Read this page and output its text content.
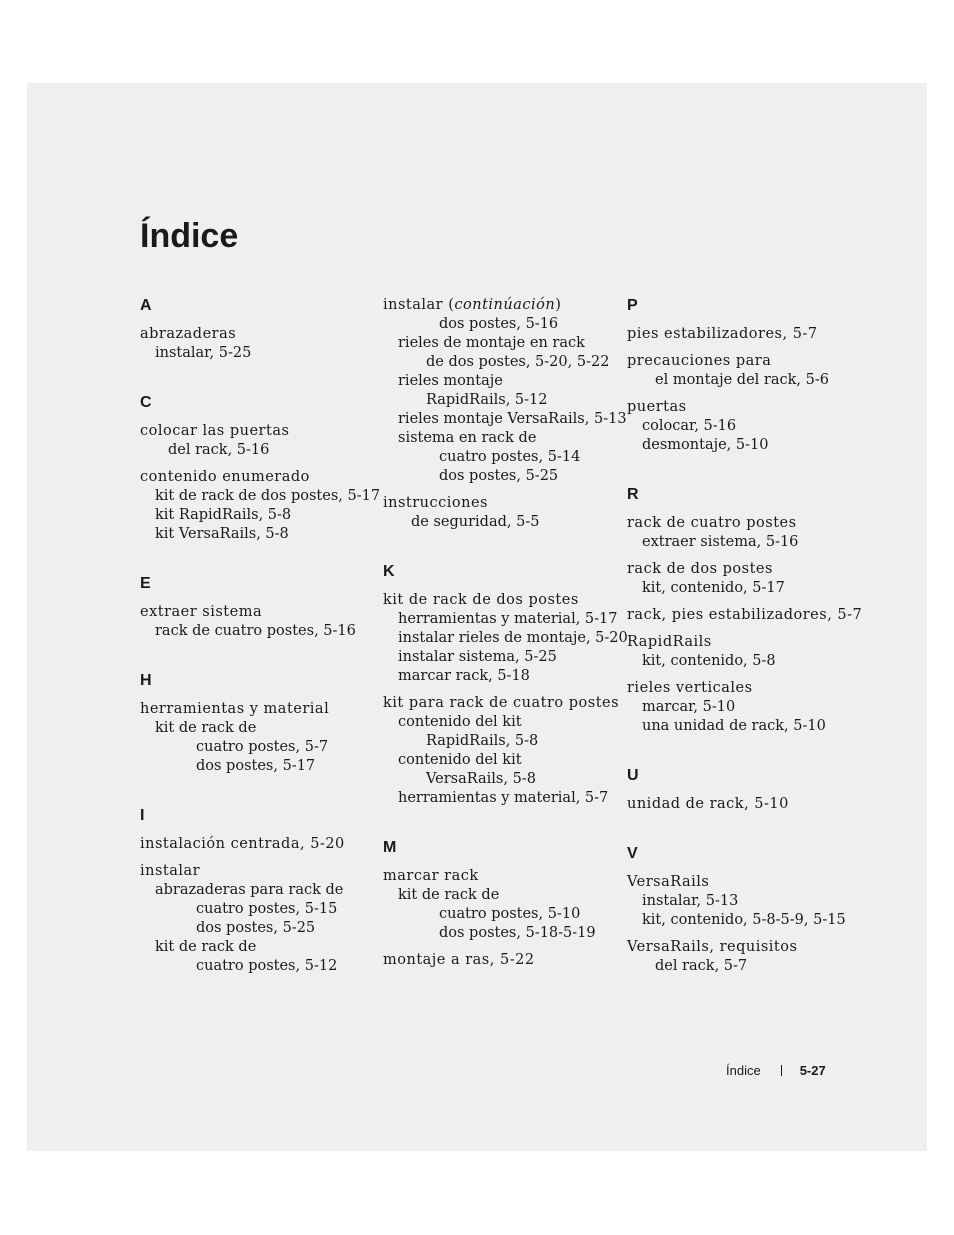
Índice
A
abrazaderas
instalar, 5-25
C
colocar las puertas
del rack, 5-16
contenido enumerado
kit de rack de dos postes, 5-17
kit RapidRails, 5-8
kit VersaRails, 5-8
E
extraer sistema
rack de cuatro postes, 5-16
H
herramientas y material
kit de rack de
cuatro postes, 5-7
dos postes, 5-17
I
instalación centrada, 5-20
instalar
abrazaderas para rack de
cuatro postes, 5-15
dos postes, 5-25
kit de rack de
cuatro postes, 5-12
instalar (continúación)
dos postes, 5-16
rieles de montaje en rack
de dos postes, 5-20, 5-22
rieles montaje
RapidRails, 5-12
rieles montaje VersaRails, 5-13
sistema en rack de
cuatro postes, 5-14
dos postes, 5-25
instrucciones
de seguridad, 5-5
K
kit de rack de dos postes
herramientas y material, 5-17
instalar rieles de montaje, 5-20
instalar sistema, 5-25
marcar rack, 5-18
kit para rack de cuatro postes
contenido del kit
RapidRails, 5-8
contenido del kit
VersaRails, 5-8
herramientas y material, 5-7
M
marcar rack
kit de rack de
cuatro postes, 5-10
dos postes, 5-18-5-19
montaje a ras, 5-22
P
pies estabilizadores, 5-7
precauciones para
el montaje del rack, 5-6
puertas
colocar, 5-16
desmontaje, 5-10
R
rack de cuatro postes
extraer sistema, 5-16
rack de dos postes
kit, contenido, 5-17
rack, pies estabilizadores, 5-7
RapidRails
kit, contenido, 5-8
rieles verticales
marcar, 5-10
una unidad de rack, 5-10
U
unidad de rack, 5-10
V
VersaRails
instalar, 5-13
kit, contenido, 5-8-5-9, 5-15
VersaRails, requisitos
del rack, 5-7
Índice	5-27
